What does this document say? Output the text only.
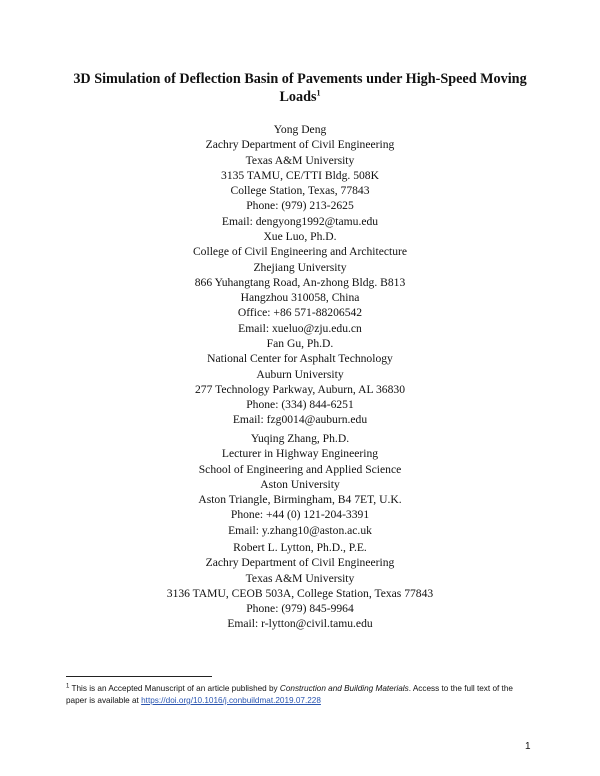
3D Simulation of Deflection Basin of Pavements under High-Speed Moving
Loads$^1$
Yong Deng
Zachry Department of Civil Engineering
Texas A&M University
3135 TAMU, CE/TTI Bldg. 508K
College Station, Texas, 77843
Phone: (979) 213-2625
Email: dengyong1992@tamu.edu
Xue Luo, Ph.D.
College of Civil Engineering and Architecture
Zhejiang University
866 Yuhangtang Road, An-zhong Bldg. B813
Hangzhou 310058, China
Office: +86 571-88206542
Email: xueluo@zju.edu.cn
Fan Gu, Ph.D.
National Center for Asphalt Technology
Auburn University
277 Technology Parkway, Auburn, AL 36830
Phone: (334) 844-6251
Email: fzg0014@auburn.edu
Yuqing Zhang, Ph.D.
Lecturer in Highway Engineering
School of Engineering and Applied Science
Aston University
Aston Triangle, Birmingham, B4 7ET, U.K.
Phone: +44 (0) 121-204-3391
Email: y.zhang10@aston.ac.uk
Robert L. Lytton, Ph.D., P.E.
Zachry Department of Civil Engineering
Texas A&M University
3136 TAMU, CEOB 503A, College Station, Texas 77843
Phone: (979) 845-9964
Email: r-lytton@civil.tamu.edu
$^1$ This is an Accepted Manuscript of an article published by Construction and Building Materials. Access to the full text of the paper is available at https://doi.org/10.1016/j.conbuildmat.2019.07.228
1
